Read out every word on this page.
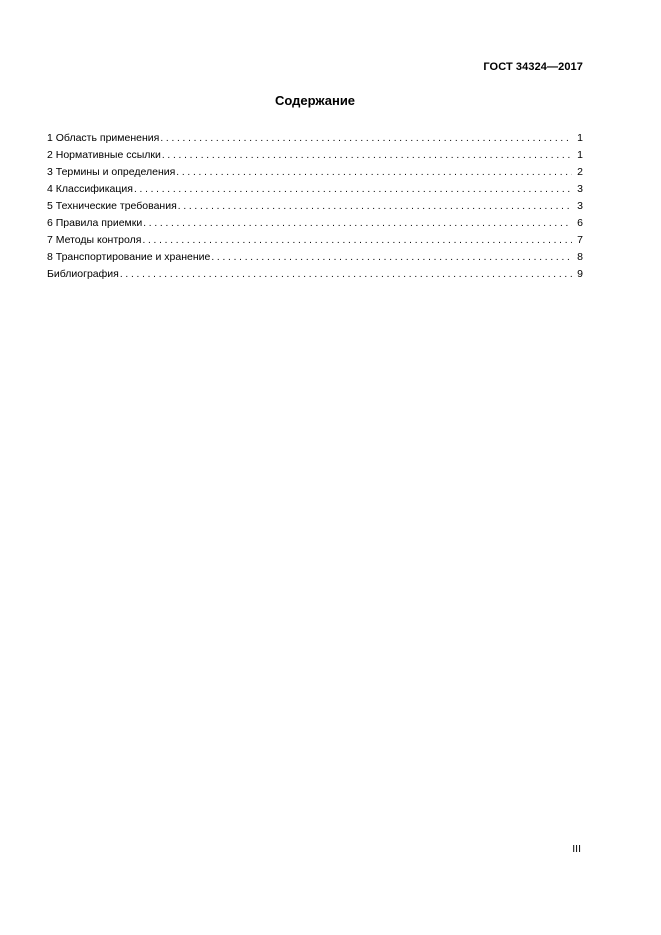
ГОСТ 34324—2017
Содержание
1 Область применения . . .	1
2 Нормативные ссылки . . .	1
3 Термины и определения . . .	2
4 Классификация . . .	3
5 Технические требования . . .	3
6 Правила приемки . . .	6
7 Методы контроля . . .	7
8 Транспортирование и хранение . . .	8
Библиография . . .	9
III
